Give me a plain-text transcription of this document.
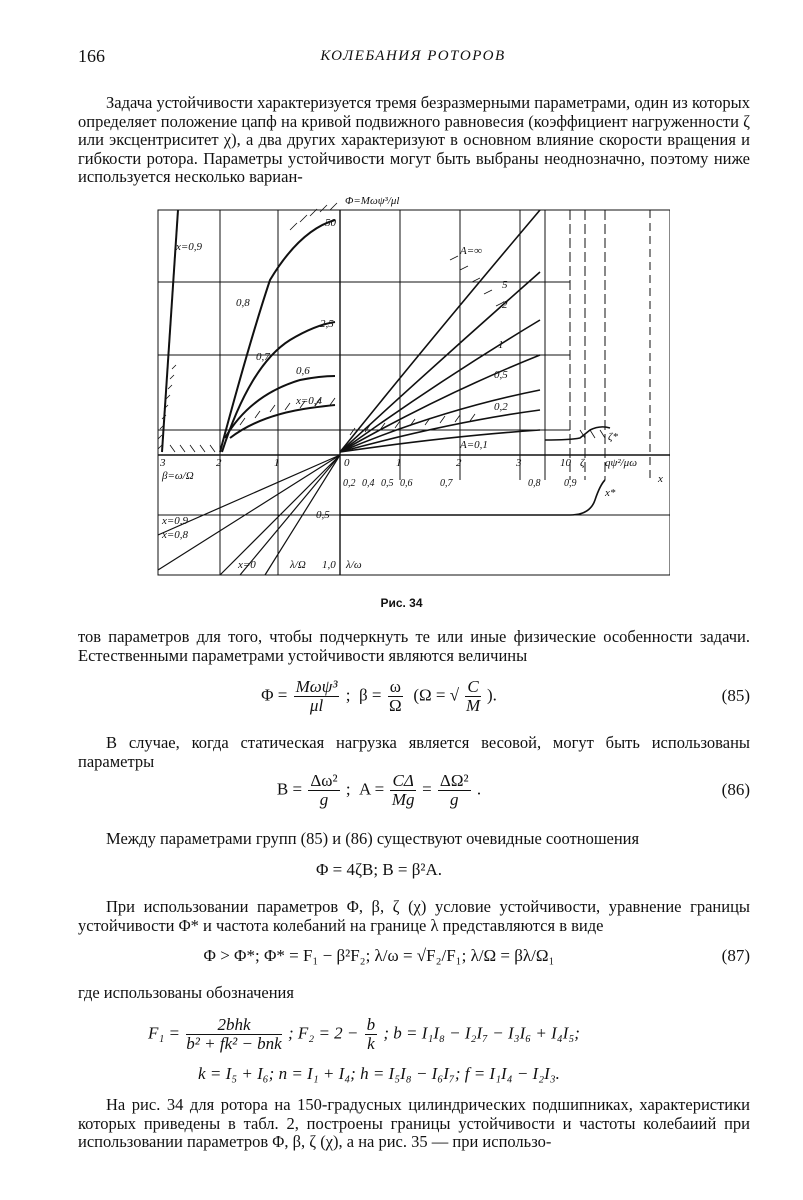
166	КОЛЕБАНИЯ РОТОРОВ

Задача устойчивости характеризуется тремя безразмерными параметрами, один из которых определяет положение цапф на кривой подвижного равновесия (коэффициент нагруженности ζ или эксцентриситет χ), а два других характеризуют в основном влияние скорости вращения и гибкости ротора. Параметры устойчивости могут быть выбраны неоднозначно, поэтому ниже используется несколько вариан-

Φ=Mωψ³/μl
β=ω/Ω
λ/Ω	λ/ω
x*
ζ*
qψ²/μω
x
ζ
A=∞
5
2
1
0,5
0,2
A=0,1
x=0,9
0,8
0,7
0,6
x=0,4
50
2,5
x=0,9
x=0,8
x=0
0,5
1,0
3	2	1	0	1	2	3	10
0,2 0,4 0,5 0,6	0,7	0,8 0,9
Рис. 34

тов параметров для того, чтобы подчеркнуть те или иные физические особенности задачи. Естественными параметрами устойчивости являются величины

$\Phi = \frac{\text{Mωψ³}}{\mu l}$ ;  $\beta = \frac{\omega}{\Omega} (\Omega$ = √ $\frac{C}{M}$ ).	(85)

В случае, когда статическая нагрузка является весовой, могут быть использованы параметры

$B = \frac{\text{Δω²}}{g}$ ;  $A = \frac{C\Delta}{Mg} = \frac{\text{ΔΩ²}}{g}$ .	(86)

Между параметрами групп (85) и (86) существуют очевидные соотношения

Φ = 4ζB; B = β²A.

При использовании параметров Φ, β, ζ (χ) условие устойчивости, уравнение границы устойчивости Φ* и частота колебаний на границе λ представляются в виде

Φ > Φ*; Φ* = F₁ − β²F₂; λ/ω = √F₂/F₁; λ/Ω = βλ/Ω₁	(87)

где использованы обозначения

$F_1 = \frac{\text{2bhk}}{\text{b² + fk² − bnk}}$ ; $F_2 = 2 - \frac{b}{k}$ ; b = I₁I₈ − I₂I₇ − I₃I₆ + I₄I₅;
k = I₅ + I₆; n = I₁ + I₄; h = I₅I₈ − I₆I₇; f = I₁I₄ − I₂I₃.

На рис. 34 для ротора на 150-градусных цилиндрических подшипниках, характеристики которых приведены в табл. 2, построены границы устойчивости и частоты колебаиий при использовании параметров Φ, β, ζ (χ), а на рис. 35 — при использо-
